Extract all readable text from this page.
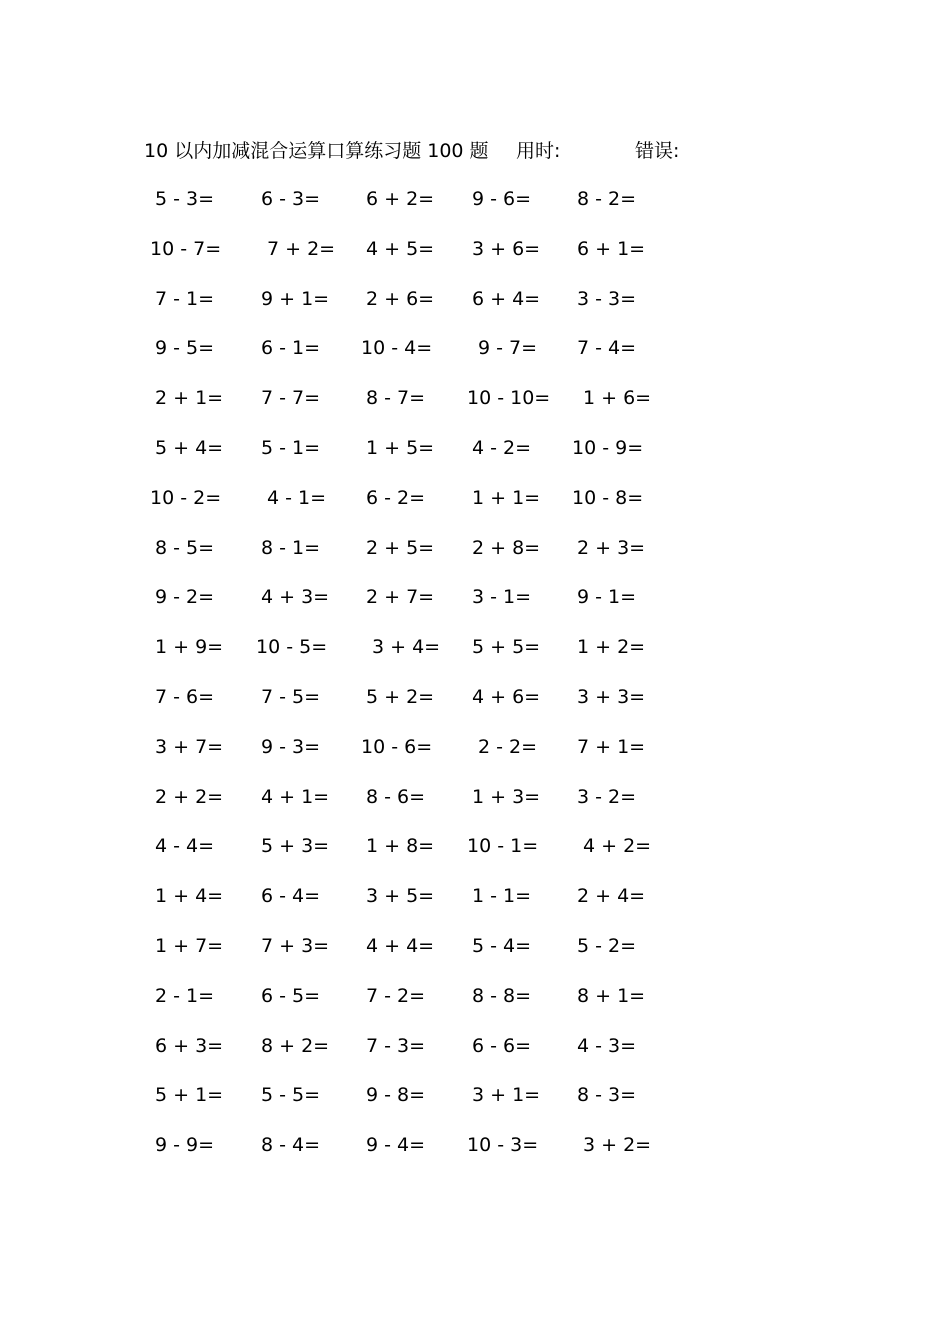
10 以内加减混合运算口算练习题 100 题 用时:	错误:
5 - 3= 6 - 3= 6 + 2= 9 - 6= 8 - 2=
10 - 7= 7 + 2= 4 + 5= 3 + 6= 6 + 1=
7 - 1= 9 + 1= 2 + 6= 6 + 4= 3 - 3=
9 - 5= 6 - 1= 10 - 4= 9 - 7= 7 - 4=
2 + 1= 7 - 7= 8 - 7= 10 - 10= 1 + 6=
5 + 4= 5 - 1= 1 + 5= 4 - 2= 10 - 9=
10 - 2= 4 - 1= 6 - 2= 1 + 1= 10 - 8=
8 - 5= 8 - 1= 2 + 5= 2 + 8= 2 + 3=
9 - 2= 4 + 3= 2 + 7= 3 - 1= 9 - 1=
1 + 9= 10 - 5= 3 + 4= 5 + 5= 1 + 2=
7 - 6= 7 - 5= 5 + 2= 4 + 6= 3 + 3=
3 + 7= 9 - 3= 10 - 6= 2 - 2= 7 + 1=
2 + 2= 4 + 1= 8 - 6= 1 + 3= 3 - 2=
4 - 4= 5 + 3= 1 + 8= 10 - 1= 4 + 2=
1 + 4= 6 - 4= 3 + 5= 1 - 1= 2 + 4=
1 + 7= 7 + 3= 4 + 4= 5 - 4= 5 - 2=
2 - 1= 6 - 5= 7 - 2= 8 - 8= 8 + 1=
6 + 3= 8 + 2= 7 - 3= 6 - 6= 4 - 3=
5 + 1= 5 - 5= 9 - 8= 3 + 1= 8 - 3=
9 - 9= 8 - 4= 9 - 4= 10 - 3= 3 + 2=
